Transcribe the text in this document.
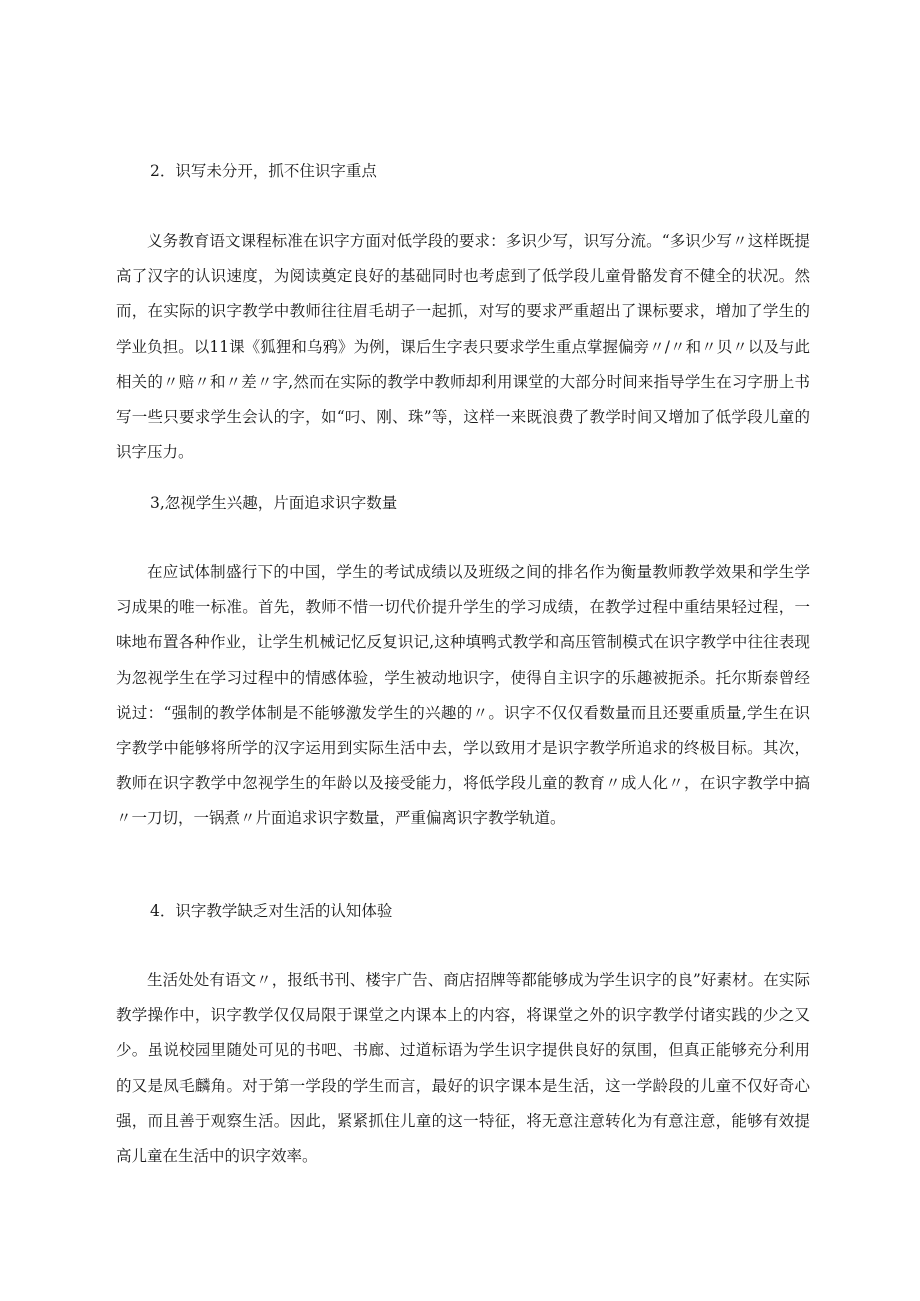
2．识写未分开，抓不住识字重点

义务教育语文课程标准在识字方面对低学段的要求：多识少写，识写分流。“多识少写〃这样既提高了汉字的认识速度，为阅读奠定良好的基础同时也考虑到了低学段儿童骨骼发育不健全的状况。然而，在实际的识字教学中教师往往眉毛胡子一起抓，对写的要求严重超出了课标要求，增加了学生的学业负担。以11课《狐狸和乌鸦》为例，课后生字表只要求学生重点掌握偏旁〃/〃和〃贝〃以及与此相关的〃赔〃和〃差〃字,然而在实际的教学中教师却利用课堂的大部分时间来指导学生在习字册上书写一些只要求学生会认的字，如“叼、刚、珠”等，这样一来既浪费了教学时间又增加了低学段儿童的识字压力。

3,忽视学生兴趣，片面追求识字数量

在应试体制盛行下的中国，学生的考试成绩以及班级之间的排名作为衡量教师教学效果和学生学习成果的唯一标准。首先，教师不惜一切代价提升学生的学习成绩，在教学过程中重结果轻过程，一味地布置各种作业，让学生机械记忆反复识记,这种填鸭式教学和高压管制模式在识字教学中往往表现为忽视学生在学习过程中的情感体验，学生被动地识字，使得自主识字的乐趣被扼杀。托尔斯泰曾经说过：“强制的教学体制是不能够激发学生的兴趣的〃。识字不仅仅看数量而且还要重质量,学生在识字教学中能够将所学的汉字运用到实际生活中去，学以致用才是识字教学所追求的终极目标。其次，教师在识字教学中忽视学生的年龄以及接受能力，将低学段儿童的教育〃成人化〃，在识字教学中搞〃一刀切，一锅煮〃片面追求识字数量，严重偏离识字教学轨道。

4．识字教学缺乏对生活的认知体验

生活处处有语文〃，报纸书刊、楼宇广告、商店招牌等都能够成为学生识字的良”好素材。在实际教学操作中，识字教学仅仅局限于课堂之内课本上的内容，将课堂之外的识字教学付诸实践的少之又少。虽说校园里随处可见的书吧、书廊、过道标语为学生识字提供良好的氛围，但真正能够充分利用的又是凤毛麟角。对于第一学段的学生而言，最好的识字课本是生活，这一学龄段的儿童不仅好奇心强，而且善于观察生活。因此，紧紧抓住儿童的这一特征，将无意注意转化为有意注意，能够有效提高儿童在生活中的识字效率。
